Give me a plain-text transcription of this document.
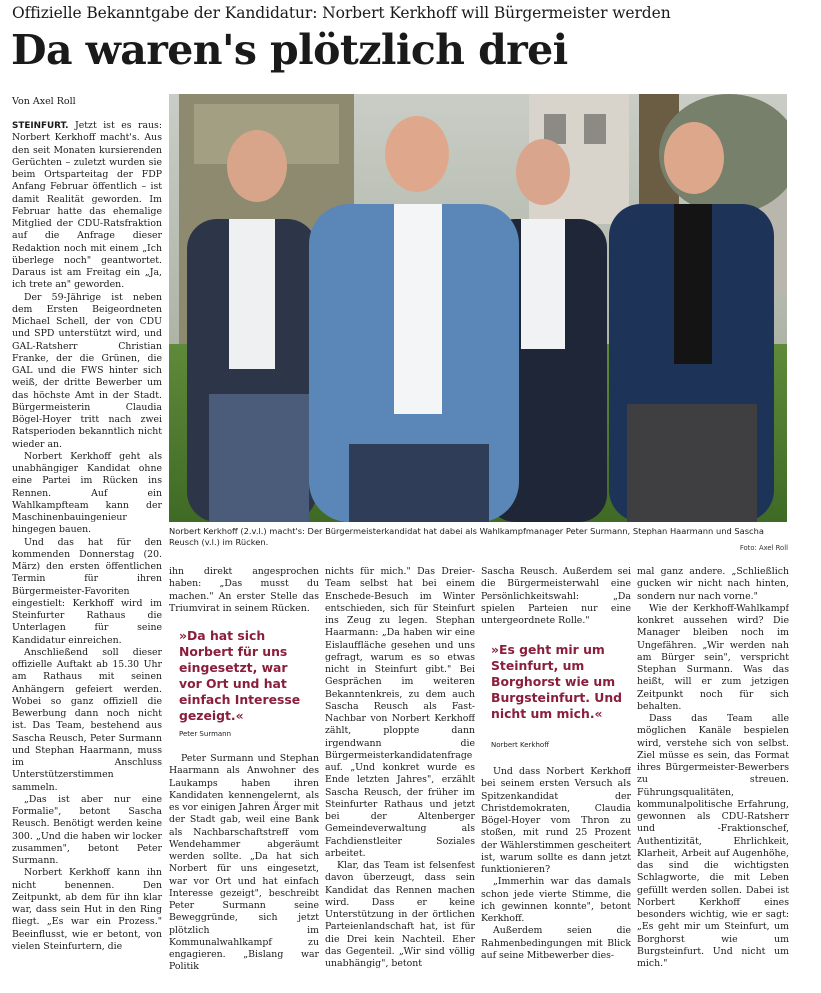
Offizielle Bekanntgabe der Kandidatur: Norbert Kerkhoff will Bürgermeister werden
Da waren's plötzlich drei
Von Axel Roll

STEINFURT. Jetzt ist es raus: Norbert Kerkhoff macht's. Aus den seit Monaten kursierenden Gerüchten – zuletzt wurden sie beim Ortsparteitag der FDP Anfang Februar öffentlich – ist damit Realität geworden. Im Februar hatte das ehemalige Mitglied der CDU-Ratsfraktion auf die Anfrage dieser Redaktion noch mit einem „Ich überlege noch" geantwortet. Daraus ist am Freitag ein „Ja, ich trete an" geworden.

Der 59-Jährige ist neben dem Ersten Beigeordneten Michael Schell, der von CDU und SPD unterstützt wird, und GAL-Ratsherr Christian Franke, der die Grünen, die GAL und die FWS hinter sich weiß, der dritte Bewerber um das höchste Amt in der Stadt. Bürgermeisterin Claudia Bögel-Hoyer tritt nach zwei Ratsperioden bekanntlich nicht wieder an.

Norbert Kerkhoff geht als unabhängiger Kandidat ohne eine Partei im Rücken ins Rennen. Auf ein Wahlkampfteam kann der Maschinenbauingenieur hingegen bauen.

Und das hat für den kommenden Donnerstag (20. März) den ersten öffentlichen Termin für ihren Bürgermeister-Favoriten eingestielt: Kerkhoff wird im Steinfurter Rathaus die Unterlagen für seine Kandidatur einreichen.

Anschließend soll dieser offizielle Auftakt ab 15.30 Uhr am Rathaus mit seinen Anhängern gefeiert werden. Wobei so ganz offiziell die Bewerbung dann noch nicht ist. Das Team, bestehend aus Sascha Reusch, Peter Surmann und Stephan Haarmann, muss im Anschluss Unterstützerstimmen sammeln.

„Das ist aber nur eine Formalie", betont Sascha Reusch. Benötigt werden keine 300. „Und die haben wir locker zusammen", betont Peter Surmann.

Norbert Kerkhoff kann ihn nicht benennen. Den Zeitpunkt, ab dem für ihn klar war, dass sein Hut in den Ring fliegt. „Es war ein Prozess." Beeinflusst, wie er betont, von vielen Steinfurtern, die

Norbert Kerkhoff (2.v.l.) macht's: Der Bürgermeisterkandidat hat dabei als Wahlkampfmanager Peter Surmann, Stephan Haarmann und Sascha Reusch (v.l.) im Rücken.
Foto: Axel Roll

ihn direkt angesprochen haben: „Das musst du machen." An erster Stelle das Triumvirat in seinem Rücken.

»Da hat sich Norbert für uns eingesetzt, war vor Ort und hat einfach Interesse gezeigt.«
Peter Surmann

Peter Surmann und Stephan Haarmann als Anwohner des Laukamps haben ihren Kandidaten kennengelernt, als es vor einigen Jahren Ärger mit der Stadt gab, weil eine Bank als Nachbarschaftstreff vom Wendehammer abgeräumt werden sollte. „Da hat sich Norbert für uns eingesetzt, war vor Ort und hat einfach Interesse gezeigt", beschreibt Peter Surmann seine Beweggründe, sich jetzt plötzlich im Kommunalwahlkampf zu engagieren. „Bislang war Politik

nichts für mich." Das Dreier-Team selbst hat bei einem Enschede-Besuch im Winter entschieden, sich für Steinfurt ins Zeug zu legen. Stephan Haarmann: „Da haben wir eine Eislauffläche gesehen und uns gefragt, warum es so etwas nicht in Steinfurt gibt." Bei Gesprächen im weiteren Bekanntenkreis, zu dem auch Sascha Reusch als Fast-Nachbar von Norbert Kerkhoff zählt, ploppte dann irgendwann die Bürgermeisterkandidatenfrage auf. „Und konkret wurde es Ende letzten Jahres", erzählt Sascha Reusch, der früher im Steinfurter Rathaus und jetzt bei der Altenberger Gemeindeverwaltung als Fachdienstleiter Soziales arbeitet.

Klar, das Team ist felsenfest davon überzeugt, dass sein Kandidat das Rennen machen wird. Dass er keine Unterstützung in der örtlichen Parteienlandschaft hat, ist für die Drei kein Nachteil. Eher das Gegenteil. „Wir sind völlig unabhängig", betont

Sascha Reusch. Außerdem sei die Bürgermeisterwahl eine Persönlichkeitswahl: „Da spielen Parteien nur eine untergeordnete Rolle."

»Es geht mir um Steinfurt, um Borghorst wie um Burgsteinfurt. Und nicht um mich.«
Norbert Kerkhoff

Und dass Norbert Kerkhoff bei seinem ersten Versuch als Spitzenkandidat der Christdemokraten, Claudia Bögel-Hoyer vom Thron zu stoßen, mit rund 25 Prozent der Wählerstimmen gescheitert ist, warum sollte es dann jetzt funktionieren?

„Immerhin war das damals schon jede vierte Stimme, die ich gewinnen konnte", betont Kerkhoff.

Außerdem seien die Rahmenbedingungen mit Blick auf seine Mitbewerber dies-

mal ganz andere. „Schließlich gucken wir nicht nach hinten, sondern nur nach vorne."

Wie der Kerkhoff-Wahlkampf konkret aussehen wird? Die Manager bleiben noch im Ungefähren. „Wir werden nah am Bürger sein", verspricht Stephan Surmann. Was das heißt, will er zum jetzigen Zeitpunkt noch für sich behalten.

Dass das Team alle möglichen Kanäle bespielen wird, verstehe sich von selbst. Ziel müsse es sein, das Format ihres Bürgermeister-Bewerbers zu streuen. Führungsqualitäten, kommunalpolitische Erfahrung, gewonnen als CDU-Ratsherr und -Fraktionschef, Authentizität, Ehrlichkeit, Klarheit, Arbeit auf Augenhöhe, das sind die wichtigsten Schlagworte, die mit Leben gefüllt werden sollen. Dabei ist Norbert Kerkhoff eines besonders wichtig, wie er sagt: „Es geht mir um Steinfurt, um Borghorst wie um Burgsteinfurt. Und nicht um mich."
